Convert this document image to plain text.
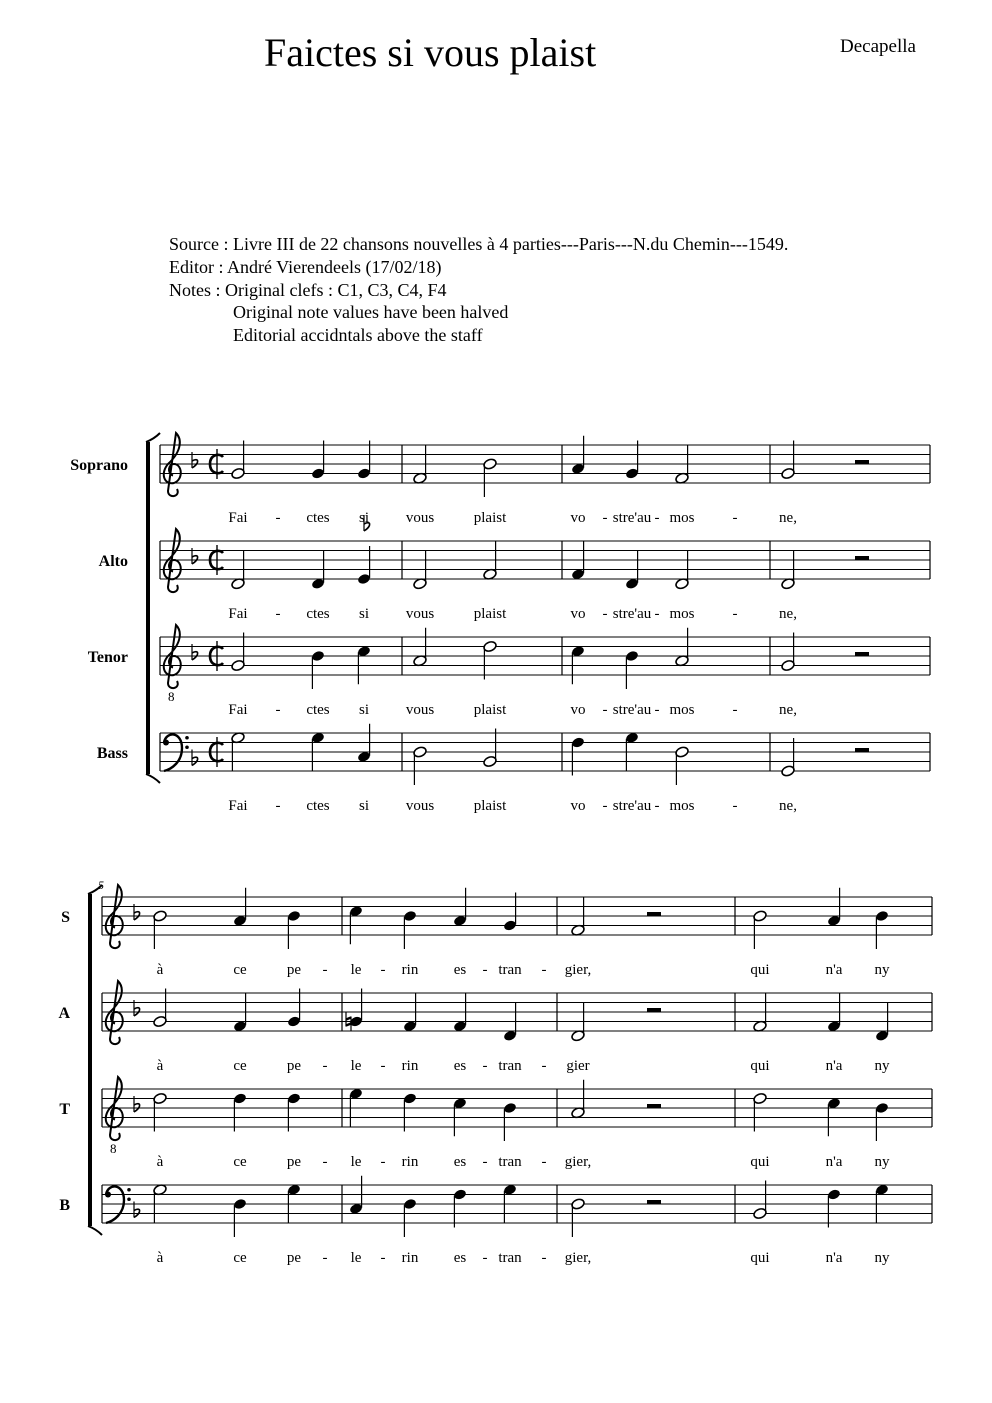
Faictes si vous plaist	Decapella
Source : Livre III de 22 chansons nouvelles à 4 parties---Paris---N.du Chemin---1549.
Editor : André Vierendeels (17/02/18)
Notes : Original clefs : C1, C3, C4, F4
Original note values have been halved
Editorial accidntals above the staff
Soprano
Fai - ctes si vous	plaist	vo - stre'au - mos	-	ne,
Alto
Fai - ctes si vous	plaist	vo - stre'au - mos	-	ne,
Tenor
8
Fai - ctes si vous	plaist	vo - stre'au - mos	-	ne,
Bass
Fai - ctes si vous	plaist	vo - stre'au - mos	-	ne,
5
S
à	ce	pe - le - rin es - tran - gier,	qui	n'a ny
A
à	ce	pe - le - rin es - tran - gier	qui	n'a ny
T
8
à	ce	pe - le - rin es - tran - gier,	qui	n'a ny
B
à	ce	pe - le - rin es - tran - gier,	qui	n'a ny
